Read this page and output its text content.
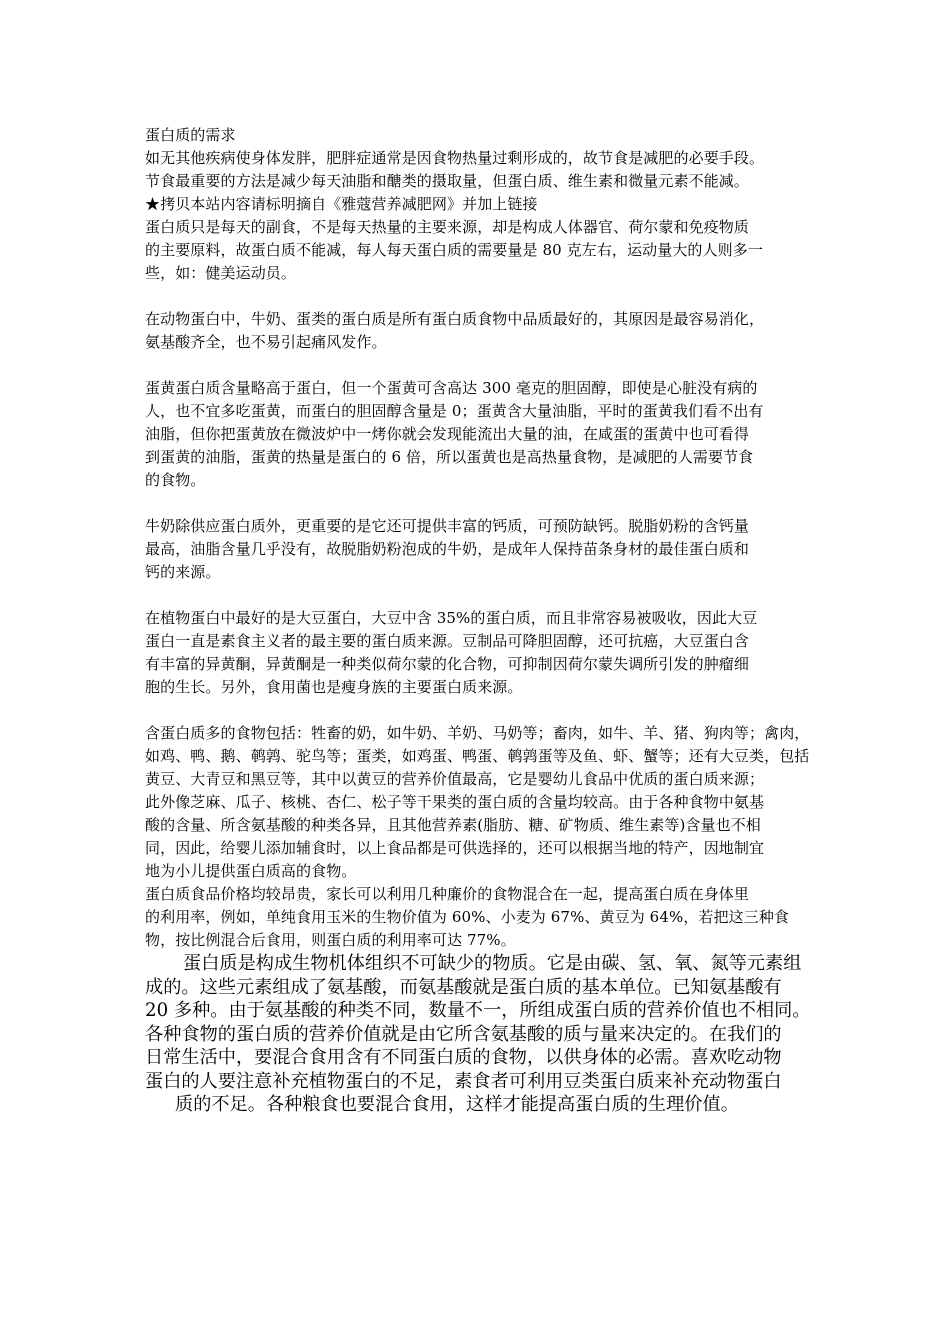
蛋白质的需求
如无其他疾病使身体发胖，肥胖症通常是因食物热量过剩形成的，故节食是减肥的必要手段。
节食最重要的方法是减少每天油脂和醣类的摄取量，但蛋白质、维生素和微量元素不能减。
★拷贝本站内容请标明摘自《雅蔻营养减肥网》并加上链接
蛋白质只是每天的副食，不是每天热量的主要来源，却是构成人体器官、荷尔蒙和免疫物质
的主要原料，故蛋白质不能减，每人每天蛋白质的需要量是 80 克左右，运动量大的人则多一
些，如：健美运动员。
在动物蛋白中，牛奶、蛋类的蛋白质是所有蛋白质食物中品质最好的，其原因是最容易消化，
氨基酸齐全，也不易引起痛风发作。
蛋黄蛋白质含量略高于蛋白，但一个蛋黄可含高达 300 毫克的胆固醇，即使是心脏没有病的
人，也不宜多吃蛋黄，而蛋白的胆固醇含量是 0；蛋黄含大量油脂，平时的蛋黄我们看不出有
油脂，但你把蛋黄放在微波炉中一烤你就会发现能流出大量的油，在咸蛋的蛋黄中也可看得
到蛋黄的油脂，蛋黄的热量是蛋白的 6 倍，所以蛋黄也是高热量食物，是减肥的人需要节食
的食物。
牛奶除供应蛋白质外，更重要的是它还可提供丰富的钙质，可预防缺钙。脱脂奶粉的含钙量
最高，油脂含量几乎没有，故脱脂奶粉泡成的牛奶，是成年人保持苗条身材的最佳蛋白质和
钙的来源。
在植物蛋白中最好的是大豆蛋白，大豆中含 35%的蛋白质，而且非常容易被吸收，因此大豆
蛋白一直是素食主义者的最主要的蛋白质来源。豆制品可降胆固醇，还可抗癌，大豆蛋白含
有丰富的异黄酮，异黄酮是一种类似荷尔蒙的化合物，可抑制因荷尔蒙失调所引发的肿瘤细
胞的生长。另外，食用菌也是瘦身族的主要蛋白质来源。
含蛋白质多的食物包括：牲畜的奶，如牛奶、羊奶、马奶等；畜肉，如牛、羊、猪、狗肉等；禽肉，
如鸡、鸭、鹅、鹌鹑、驼鸟等；蛋类，如鸡蛋、鸭蛋、鹌鹑蛋等及鱼、虾、蟹等；还有大豆类，包括
黄豆、大青豆和黑豆等，其中以黄豆的营养价值最高，它是婴幼儿食品中优质的蛋白质来源；
此外像芝麻、瓜子、核桃、杏仁、松子等干果类的蛋白质的含量均较高。由于各种食物中氨基
酸的含量、所含氨基酸的种类各异，且其他营养素(脂肪、糖、矿物质、维生素等)含量也不相
同，因此，给婴儿添加辅食时，以上食品都是可供选择的，还可以根据当地的特产，因地制宜
地为小儿提供蛋白质高的食物。
蛋白质食品价格均较昂贵，家长可以利用几种廉价的食物混合在一起，提高蛋白质在身体里
的利用率，例如，单纯食用玉米的生物价值为 60%、小麦为 67%、黄豆为 64%，若把这三种食
物，按比例混合后食用，则蛋白质的利用率可达 77%。
蛋白质是构成生物机体组织不可缺少的物质。它是由碳、氢、氧、氮等元素组
成的。这些元素组成了氨基酸，而氨基酸就是蛋白质的基本单位。已知氨基酸有
20 多种。由于氨基酸的种类不同，数量不一，所组成蛋白质的营养价值也不相同。
各种食物的蛋白质的营养价值就是由它所含氨基酸的质与量来决定的。在我们的
日常生活中，要混合食用含有不同蛋白质的食物，以供身体的必需。喜欢吃动物
蛋白的人要注意补充植物蛋白的不足，素食者可利用豆类蛋白质来补充动物蛋白
质的不足。各种粮食也要混合食用，这样才能提高蛋白质的生理价值。
